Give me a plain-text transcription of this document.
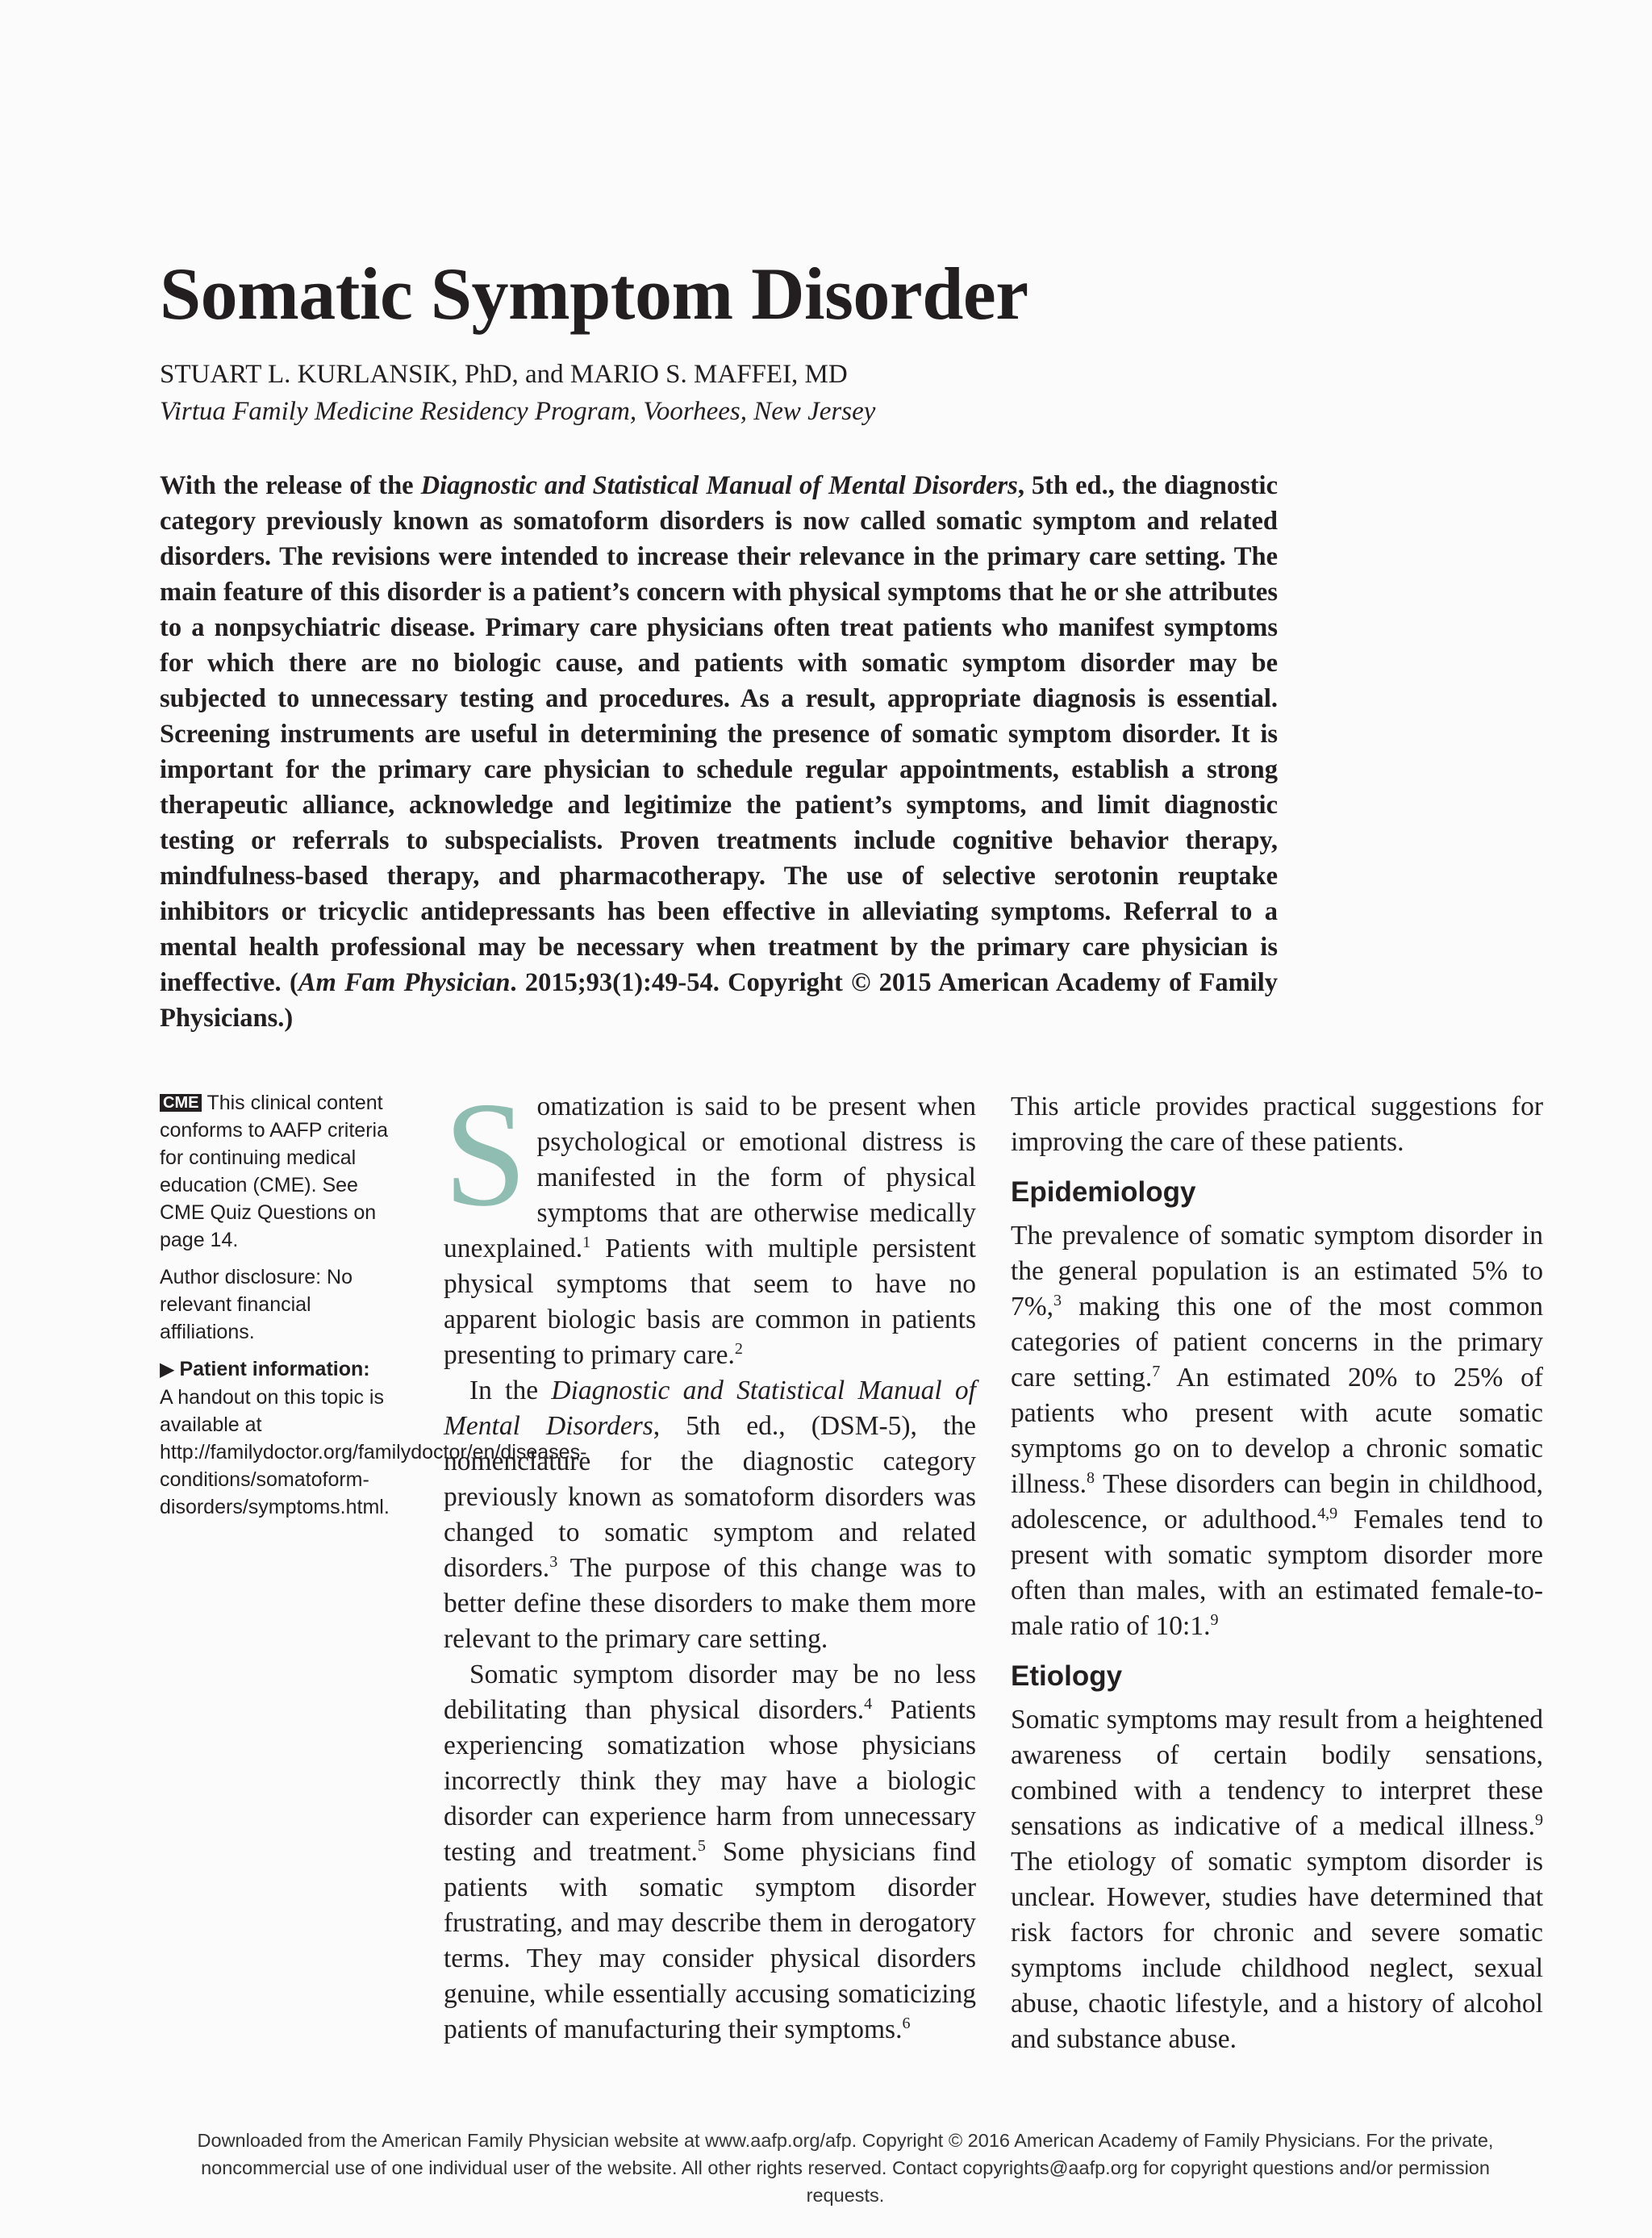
Somatic Symptom Disorder
STUART L. KURLANSIK, PhD, and MARIO S. MAFFEI, MD
Virtua Family Medicine Residency Program, Voorhees, New Jersey

With the release of the Diagnostic and Statistical Manual of Mental Disorders, 5th ed., the diagnostic category previously known as somatoform disorders is now called somatic symptom and related disorders. The revisions were intended to increase their relevance in the primary care setting. The main feature of this disorder is a patient’s concern with physical symptoms that he or she attributes to a nonpsychiatric disease. Primary care physicians often treat patients who manifest symptoms for which there are no biologic cause, and patients with somatic symptom disorder may be subjected to unnecessary testing and procedures. As a result, appropriate diagnosis is essential. Screening instruments are useful in determining the presence of somatic symptom disorder. It is important for the primary care physician to schedule regular appointments, establish a strong therapeutic alliance, acknowledge and legitimize the patient’s symptoms, and limit diagnostic testing or referrals to subspecialists. Proven treatments include cognitive behavior therapy, mindfulness-based therapy, and pharmacotherapy. The use of selective serotonin reuptake inhibitors or tricyclic antidepressants has been effective in alleviating symptoms. Referral to a mental health professional may be necessary when treatment by the primary care physician is ineffective. (Am Fam Physician. 2015;93(1):49-54. Copyright © 2015 American Academy of Family Physicians.)

CME This clinical content conforms to AAFP criteria for continuing medical education (CME). See CME Quiz Questions on page 14.

Author disclosure: No relevant financial affiliations.

▶ Patient information:
A handout on this topic is available at http://familydoctor.org/familydoctor/en/diseases-conditions/somatoform-disorders/symptoms.html.

Somatization is said to be present when psychological or emotional distress is manifested in the form of physical symptoms that are otherwise medically unexplained.$^1$ Patients with multiple persistent physical symptoms that seem to have no apparent biologic basis are common in patients presenting to primary care.$^2$

In the Diagnostic and Statistical Manual of Mental Disorders, 5th ed., (DSM-5), the nomenclature for the diagnostic category previously known as somatoform disorders was changed to somatic symptom and related disorders.$^3$ The purpose of this change was to better define these disorders to make them more relevant to the primary care setting.

Somatic symptom disorder may be no less debilitating than physical disorders.$^4$ Patients experiencing somatization whose physicians incorrectly think they may have a biologic disorder can experience harm from unnecessary testing and treatment.$^5$ Some physicians find patients with somatic symptom disorder frustrating, and may describe them in derogatory terms. They may consider physical disorders genuine, while essentially accusing somaticizing patients of manufacturing their symptoms.$^6$

This article provides practical suggestions for improving the care of these patients.

Epidemiology

The prevalence of somatic symptom disorder in the general population is an estimated 5% to 7%,$^3$ making this one of the most common categories of patient concerns in the primary care setting.$^7$ An estimated 20% to 25% of patients who present with acute somatic symptoms go on to develop a chronic somatic illness.$^8$ These disorders can begin in childhood, adolescence, or adulthood.$^{4,9}$ Females tend to present with somatic symptom disorder more often than males, with an estimated female-to-male ratio of 10:1.$^9$

Etiology

Somatic symptoms may result from a heightened awareness of certain bodily sensations, combined with a tendency to interpret these sensations as indicative of a medical illness.$^9$ The etiology of somatic symptom disorder is unclear. However, studies have determined that risk factors for chronic and severe somatic symptoms include childhood neglect, sexual abuse, chaotic lifestyle, and a history of alcohol and substance abuse.

Downloaded from the American Family Physician website at www.aafp.org/afp. Copyright © 2016 American Academy of Family Physicians. For the private, noncommercial use of one individual user of the website. All other rights reserved. Contact copyrights@aafp.org for copyright questions and/or permission requests.
